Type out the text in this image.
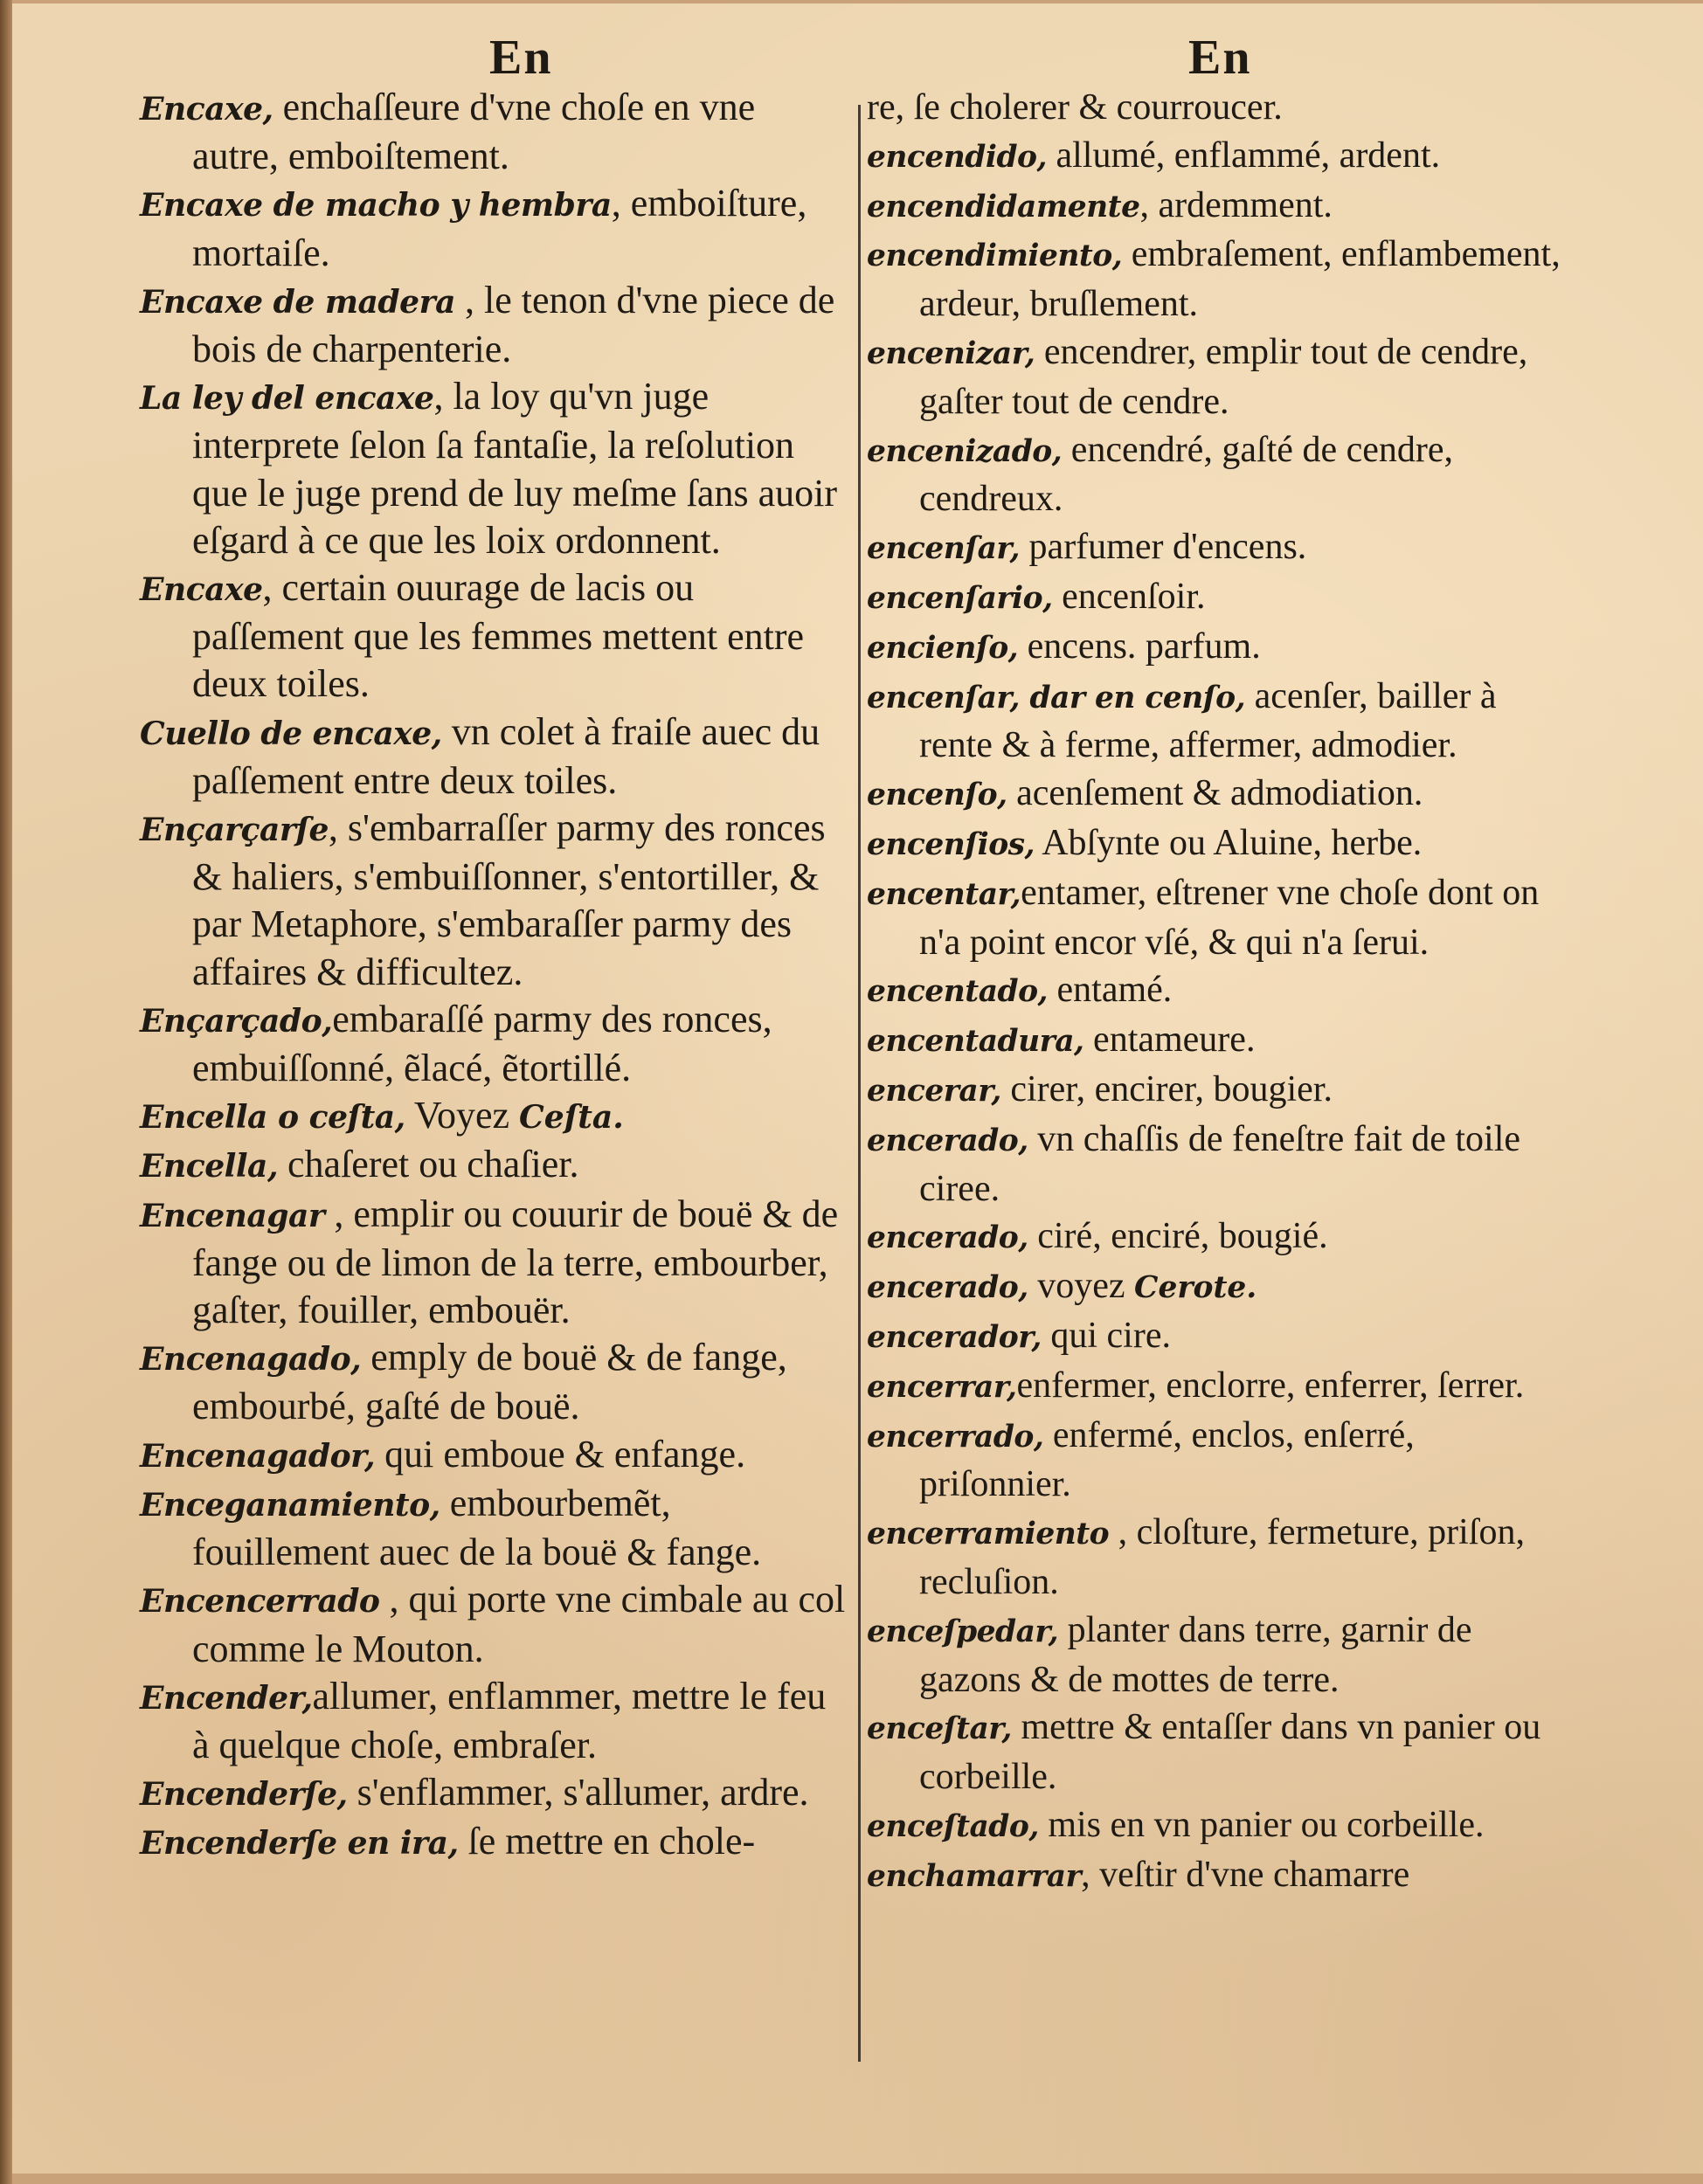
En	En

Encaxe, enchaſſeure d'vne choſe en vne autre, emboiſtement.

Encaxe de macho y hembra, emboiſture, mortaiſe.

Encaxe de madera , le tenon d'vne piece de bois de charpenterie.

La ley del encaxe, la loy qu'vn juge interprete ſelon ſa fantaſie, la reſolution que le juge prend de luy meſme ſans auoir eſgard à ce que les loix ordonnent.

Encaxe, certain ouurage de lacis ou paſſement que les femmes mettent entre deux toiles.

Cuello de encaxe, vn colet à fraiſe auec du paſſement entre deux toiles.

Ençarçarſe, s'embarraſſer parmy des ronces & haliers, s'embuiſſonner, s'entortiller, & par Metaphore, s'embaraſſer parmy des affaires & difficultez.

Ençarçado,embaraſſé parmy des ronces, embuiſſonné, ẽlacé, ẽtortillé.

Encella o ceſta, Voyez Ceſta.

Encella, chaſeret ou chaſier.

Encenagar , emplir ou couurir de bouë & de fange ou de limon de la terre, embourber, gaſter, fouiller, embouër.

Encenagado, emply de bouë & de fange, embourbé, gaſté de bouë.

Encenagador, qui emboue & enfange.

Enceganamiento, embourbemẽt, fouillement auec de la bouë & fange.

Encencerrado , qui porte vne cimbale au col comme le Mouton.

Encender,allumer, enflammer, mettre le feu à quelque choſe, embraſer.

Encenderſe, s'enflammer, s'allumer, ardre.

Encenderſe en ira, ſe mettre en chole-

re, ſe cholerer & courroucer.

encendido, allumé, enflammé, ardent.

encendidamente, ardemment.

encendimiento, embraſement, enflambement, ardeur, bruſlement.

encenizar, encendrer, emplir tout de cendre, gaſter tout de cendre.

encenizado, encendré, gaſté de cendre, cendreux.

encenſar, parfumer d'encens.

encenſario, encenſoir.

encienſo, encens. parfum.

encenſar, dar en cenſo, acenſer, bailler à rente & à ferme, affermer, admodier.

encenſo, acenſement & admodiation.

encenſios, Abſynte ou Aluine, herbe.

encentar,entamer, eſtrener vne choſe dont on n'a point encor vſé, & qui n'a ſerui.

encentado, entamé.

encentadura, entameure.

encerar, cirer, encirer, bougier.

encerado, vn chaſſis de feneſtre fait de toile ciree.

encerado, ciré, enciré, bougié.

encerado, voyez Cerote.

encerador, qui cire.

encerrar,enfermer, enclorre, enferrer, ſerrer.

encerrado, enfermé, enclos, enſerré, priſonnier.

encerramiento , cloſture, fermeture, priſon, recluſion.

enceſpedar, planter dans terre, garnir de gazons & de mottes de terre.

enceſtar, mettre & entaſſer dans vn panier ou corbeille.

enceſtado, mis en vn panier ou corbeille.

enchamarrar, veſtir d'vne chamarre
